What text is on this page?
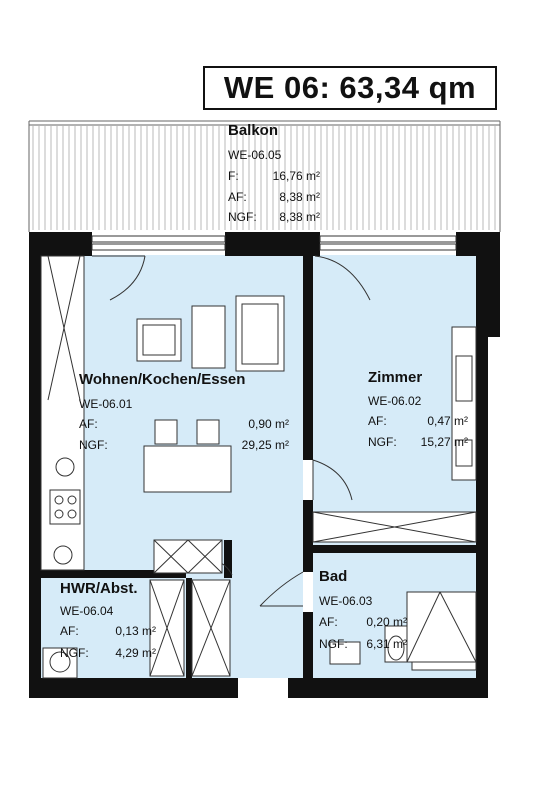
WE 06: 63,34 qm
Balkon
WE-06.05
F:	16,76 m²
AF:	8,38 m²
NGF: 8,38 m²
Wohnen/Kochen/Essen
WE-06.01
AF:	0,90 m²
NGF:	29,25 m²
Zimmer
WE-06.02
AF:	0,47 m²
NGF: 15,27 m²
HWR/Abst.
WE-06.04
AF:	0,13 m²
NGF: 4,29 m²
Bad
WE-06.03
AF: 0,20 m²
NGF: 6,31 m²
